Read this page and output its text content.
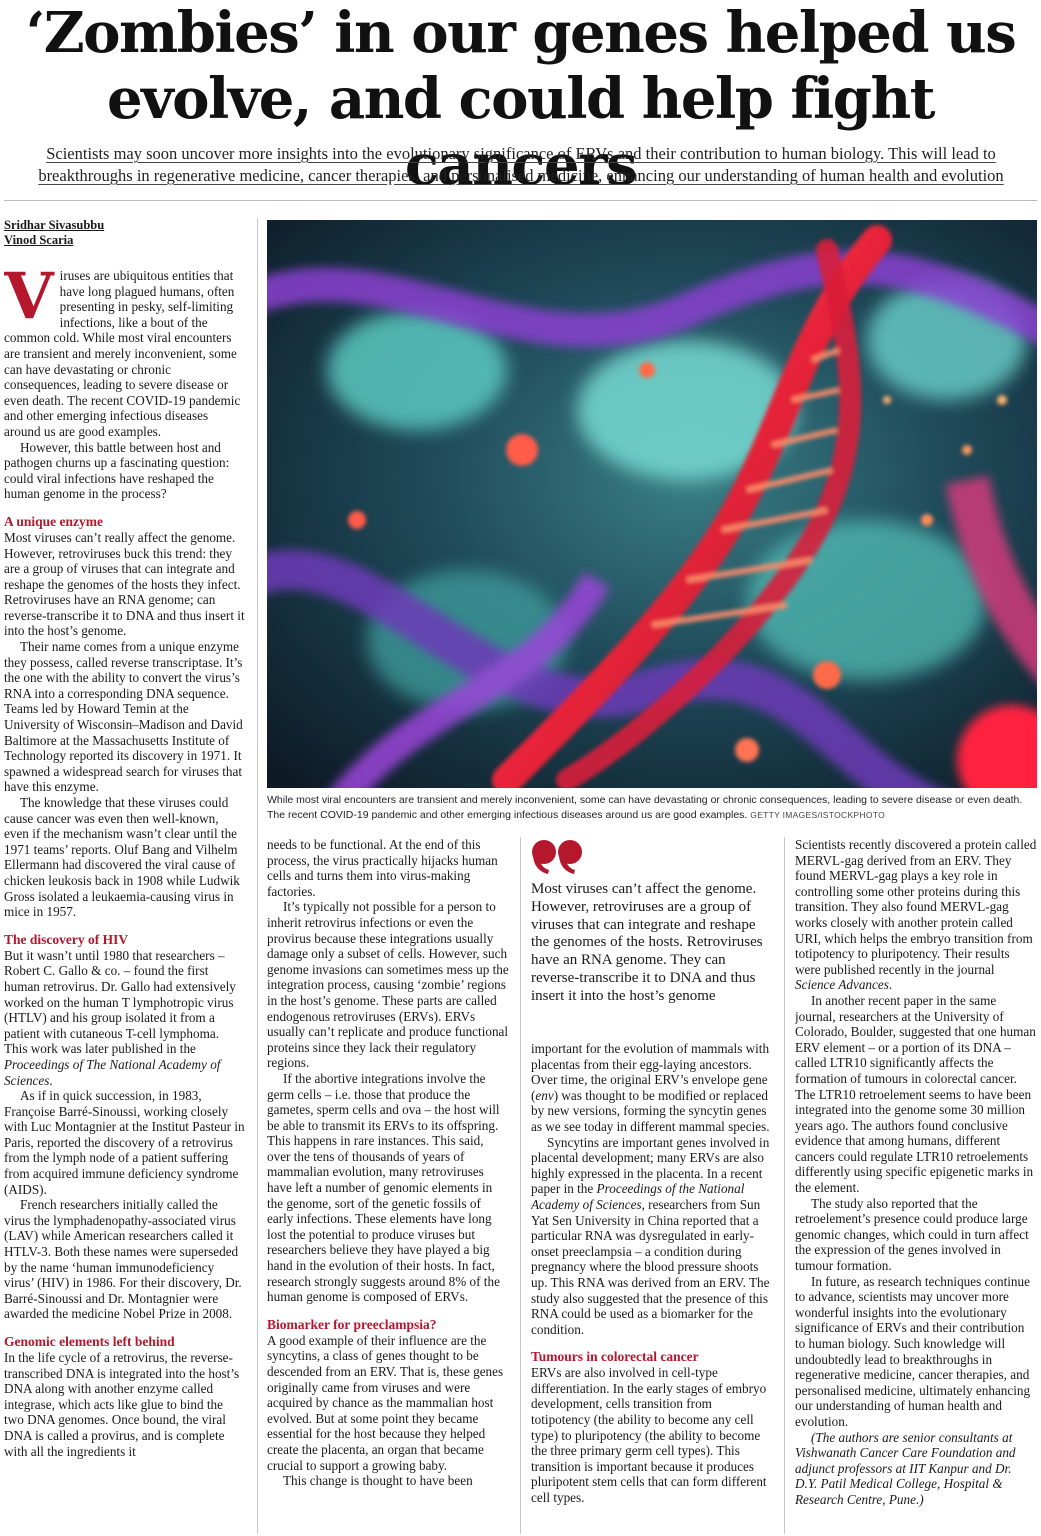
‘Zombies’ in our genes helped us
evolve, and could help fight cancers

Scientists may soon uncover more insights into the evolutionary significance of ERVs and their contribution to human biology. This will lead to
breakthroughs in regenerative medicine, cancer therapies, and personalised medicine, enhancing our understanding of human health and evolution

Sridhar Sivasubbu
Vinod Scaria

Viruses are ubiquitous entities that have long plagued humans, often presenting in pesky, self-limiting infections, like a bout of the common cold. While most viral encounters are transient and merely inconvenient, some can have devastating or chronic consequences, leading to severe disease or even death. The recent COVID-19 pandemic and other emerging infectious diseases around us are good examples.

However, this battle between host and pathogen churns up a fascinating question: could viral infections have reshaped the human genome in the process?

A unique enzyme

Most viruses can’t really affect the genome. However, retroviruses buck this trend: they are a group of viruses that can integrate and reshape the genomes of the hosts they infect. Retroviruses have an RNA genome; can reverse-transcribe it to DNA and thus insert it into the host’s genome.

Their name comes from a unique enzyme they possess, called reverse transcriptase. It’s the one with the ability to convert the virus’s RNA into a corresponding DNA sequence. Teams led by Howard Temin at the University of Wisconsin–Madison and David Baltimore at the Massachusetts Institute of Technology reported its discovery in 1971. It spawned a widespread search for viruses that have this enzyme.

The knowledge that these viruses could cause cancer was even then well-known, even if the mechanism wasn’t clear until the 1971 teams’ reports. Oluf Bang and Vilhelm Ellermann had discovered the viral cause of chicken leukosis back in 1908 while Ludwik Gross isolated a leukaemia-causing virus in mice in 1957.

The discovery of HIV

But it wasn’t until 1980 that researchers – Robert C. Gallo & co. – found the first human retrovirus. Dr. Gallo had extensively worked on the human T lymphotropic virus (HTLV) and his group isolated it from a patient with cutaneous T-cell lymphoma. This work was later published in the Proceedings of The National Academy of Sciences.

As if in quick succession, in 1983, Françoise Barré-Sinoussi, working closely with Luc Montagnier at the Institut Pasteur in Paris, reported the discovery of a retrovirus from the lymph node of a patient suffering from acquired immune deficiency syndrome (AIDS).

French researchers initially called the virus the lymphadenopathy-associated virus (LAV) while American researchers called it HTLV-3. Both these names were superseded by the name ‘human immunodeficiency virus’ (HIV) in 1986. For their discovery, Dr. Barré-Sinoussi and Dr. Montagnier were awarded the medicine Nobel Prize in 2008.

Genomic elements left behind

In the life cycle of a retrovirus, the reverse-transcribed DNA is integrated into the host’s DNA along with another enzyme called integrase, which acts like glue to bind the two DNA genomes. Once bound, the viral DNA is called a provirus, and is complete with all the ingredients it

While most viral encounters are transient and merely inconvenient, some can have devastating or chronic consequences, leading to severe disease or even death. The recent COVID-19 pandemic and other emerging infectious diseases around us are good examples. GETTY IMAGES/ISTOCKPHOTO

needs to be functional. At the end of this process, the virus practically hijacks human cells and turns them into virus-making factories.

It’s typically not possible for a person to inherit retrovirus infections or even the provirus because these integrations usually damage only a subset of cells. However, such genome invasions can sometimes mess up the integration process, causing ‘zombie’ regions in the host’s genome. These parts are called endogenous retroviruses (ERVs). ERVs usually can’t replicate and produce functional proteins since they lack their regulatory regions.

If the abortive integrations involve the germ cells – i.e. those that produce the gametes, sperm cells and ova – the host will be able to transmit its ERVs to its offspring. This happens in rare instances. This said, over the tens of thousands of years of mammalian evolution, many retroviruses have left a number of genomic elements in the genome, sort of the genetic fossils of early infections. These elements have long lost the potential to produce viruses but researchers believe they have played a big hand in the evolution of their hosts. In fact, research strongly suggests around 8% of the human genome is composed of ERVs.

Biomarker for preeclampsia?

A good example of their influence are the syncytins, a class of genes thought to be descended from an ERV. That is, these genes originally came from viruses and were acquired by chance as the mammalian host evolved. But at some point they became essential for the host because they helped create the placenta, an organ that became crucial to support a growing baby.

This change is thought to have been

Most viruses can’t affect the genome. However, retroviruses are a group of viruses that can integrate and reshape the genomes of the hosts. Retroviruses have an RNA genome. They can reverse-transcribe it to DNA and thus insert it into the host’s genome

important for the evolution of mammals with placentas from their egg-laying ancestors. Over time, the original ERV’s envelope gene (env) was thought to be modified or replaced by new versions, forming the syncytin genes as we see today in different mammal species.

Syncytins are important genes involved in placental development; many ERVs are also highly expressed in the placenta. In a recent paper in the Proceedings of the National Academy of Sciences, researchers from Sun Yat Sen University in China reported that a particular RNA was dysregulated in early-onset preeclampsia – a condition during pregnancy where the blood pressure shoots up. This RNA was derived from an ERV. The study also suggested that the presence of this RNA could be used as a biomarker for the condition.

Tumours in colorectal cancer

ERVs are also involved in cell-type differentiation. In the early stages of embryo development, cells transition from totipotency (the ability to become any cell type) to pluripotency (the ability to become the three primary germ cell types). This transition is important because it produces pluripotent stem cells that can form different cell types.

Scientists recently discovered a protein called MERVL-gag derived from an ERV. They found MERVL-gag plays a key role in controlling some other proteins during this transition. They also found MERVL-gag works closely with another protein called URI, which helps the embryo transition from totipotency to pluripotency. Their results were published recently in the journal Science Advances.

In another recent paper in the same journal, researchers at the University of Colorado, Boulder, suggested that one human ERV element – or a portion of its DNA – called LTR10 significantly affects the formation of tumours in colorectal cancer. The LTR10 retroelement seems to have been integrated into the genome some 30 million years ago. The authors found conclusive evidence that among humans, different cancers could regulate LTR10 retroelements differently using specific epigenetic marks in the element.

The study also reported that the retroelement’s presence could produce large genomic changes, which could in turn affect the expression of the genes involved in tumour formation.

In future, as research techniques continue to advance, scientists may uncover more wonderful insights into the evolutionary significance of ERVs and their contribution to human biology. Such knowledge will undoubtedly lead to breakthroughs in regenerative medicine, cancer therapies, and personalised medicine, ultimately enhancing our understanding of human health and evolution.

(The authors are senior consultants at Vishwanath Cancer Care Foundation and adjunct professors at IIT Kanpur and Dr. D.Y. Patil Medical College, Hospital & Research Centre, Pune.)
